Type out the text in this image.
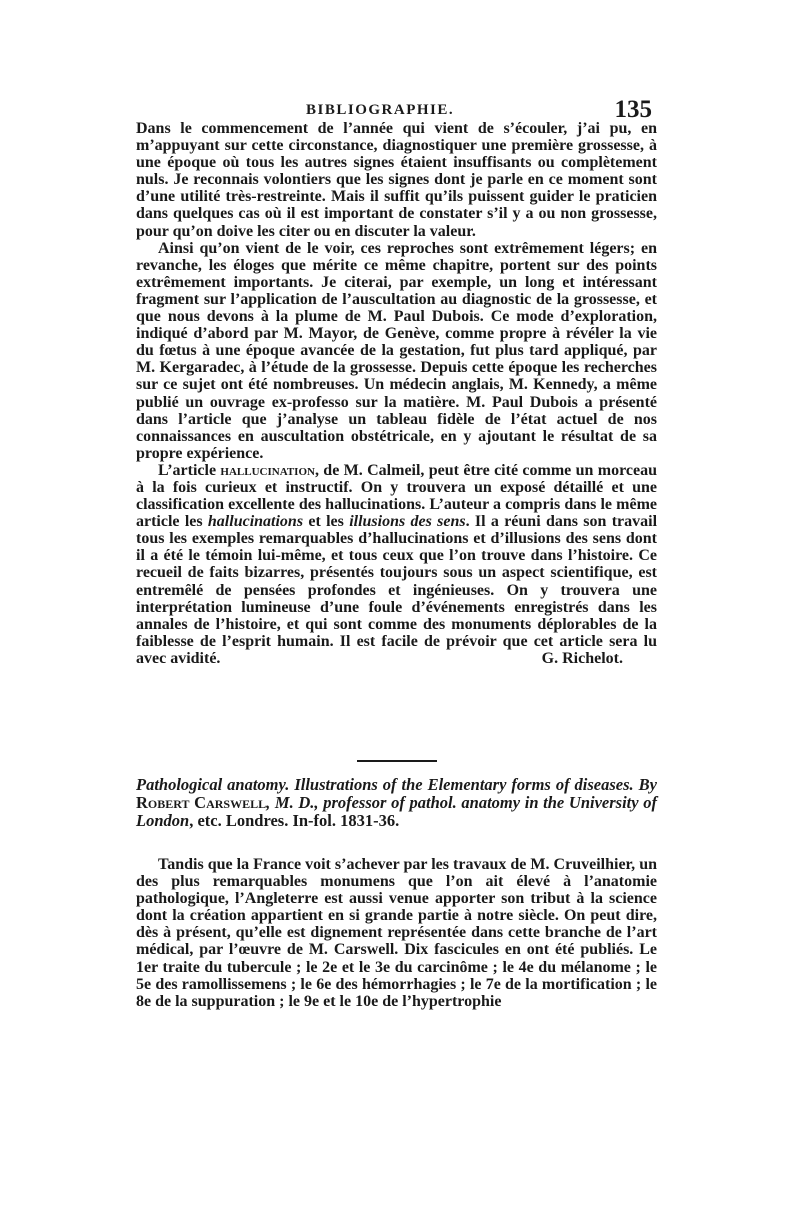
BIBLIOGRAPHIE.	135

Dans le commencement de l’année qui vient de s’écouler, j’ai pu, en m’appuyant sur cette circonstance, diagnostiquer une première grossesse, à une époque où tous les autres signes étaient insuffisants ou complètement nuls. Je reconnais volontiers que les signes dont je parle en ce moment sont d’une utilité très-restreinte. Mais il suffit qu’ils puissent guider le praticien dans quelques cas où il est important de constater s’il y a ou non grossesse, pour qu’on doive les citer ou en discuter la valeur.

Ainsi qu’on vient de le voir, ces reproches sont extrêmement légers; en revanche, les éloges que mérite ce même chapitre, portent sur des points extrêmement importants. Je citerai, par exemple, un long et intéressant fragment sur l’application de l’auscultation au diagnostic de la grossesse, et que nous devons à la plume de M. Paul Dubois. Ce mode d’exploration, indiqué d’abord par M. Mayor, de Genève, comme propre à révéler la vie du fœtus à une époque avancée de la gestation, fut plus tard appliqué, par M. Kergaradec, à l’étude de la grossesse. Depuis cette époque les recherches sur ce sujet ont été nombreuses. Un médecin anglais, M. Kennedy, a même publié un ouvrage ex-professo sur la matière. M. Paul Dubois a présenté dans l’article que j’analyse un tableau fidèle de l’état actuel de nos connaissances en auscultation obstétricale, en y ajoutant le résultat de sa propre expérience.

L’article hallucination, de M. Calmeil, peut être cité comme un morceau à la fois curieux et instructif. On y trouvera un exposé détaillé et une classification excellente des hallucinations. L’auteur a compris dans le même article les hallucinations et les illusions des sens. Il a réuni dans son travail tous les exemples remarquables d’hallucinations et d’illusions des sens dont il a été le témoin lui-même, et tous ceux que l’on trouve dans l’histoire. Ce recueil de faits bizarres, présentés toujours sous un aspect scientifique, est entremêlé de pensées profondes et ingénieuses. On y trouvera une interprétation lumineuse d’une foule d’événements enregistrés dans les annales de l’histoire, et qui sont comme des monuments déplorables de la faiblesse de l’esprit humain. Il est facile de prévoir que cet article sera lu avec avidité.	G. Richelot.

Pathological anatomy. Illustrations of the Elementary forms of diseases. By Robert Carswell, M. D., professor of pathol. anatomy in the University of London, etc. Londres. In-fol. 1831-36.

Tandis que la France voit s’achever par les travaux de M. Cruveilhier, un des plus remarquables monumens que l’on ait élevé à l’anatomie pathologique, l’Angleterre est aussi venue apporter son tribut à la science dont la création appartient en si grande partie à notre siècle. On peut dire, dès à présent, qu’elle est dignement représentée dans cette branche de l’art médical, par l’œuvre de M. Carswell. Dix fascicules en ont été publiés. Le 1er traite du tubercule ; le 2e et le 3e du carcinôme ; le 4e du mélanome ; le 5e des ramollissemens ; le 6e des hémorrhagies ; le 7e de la mortification ; le 8e de la suppuration ; le 9e et le 10e de l’hypertrophie
